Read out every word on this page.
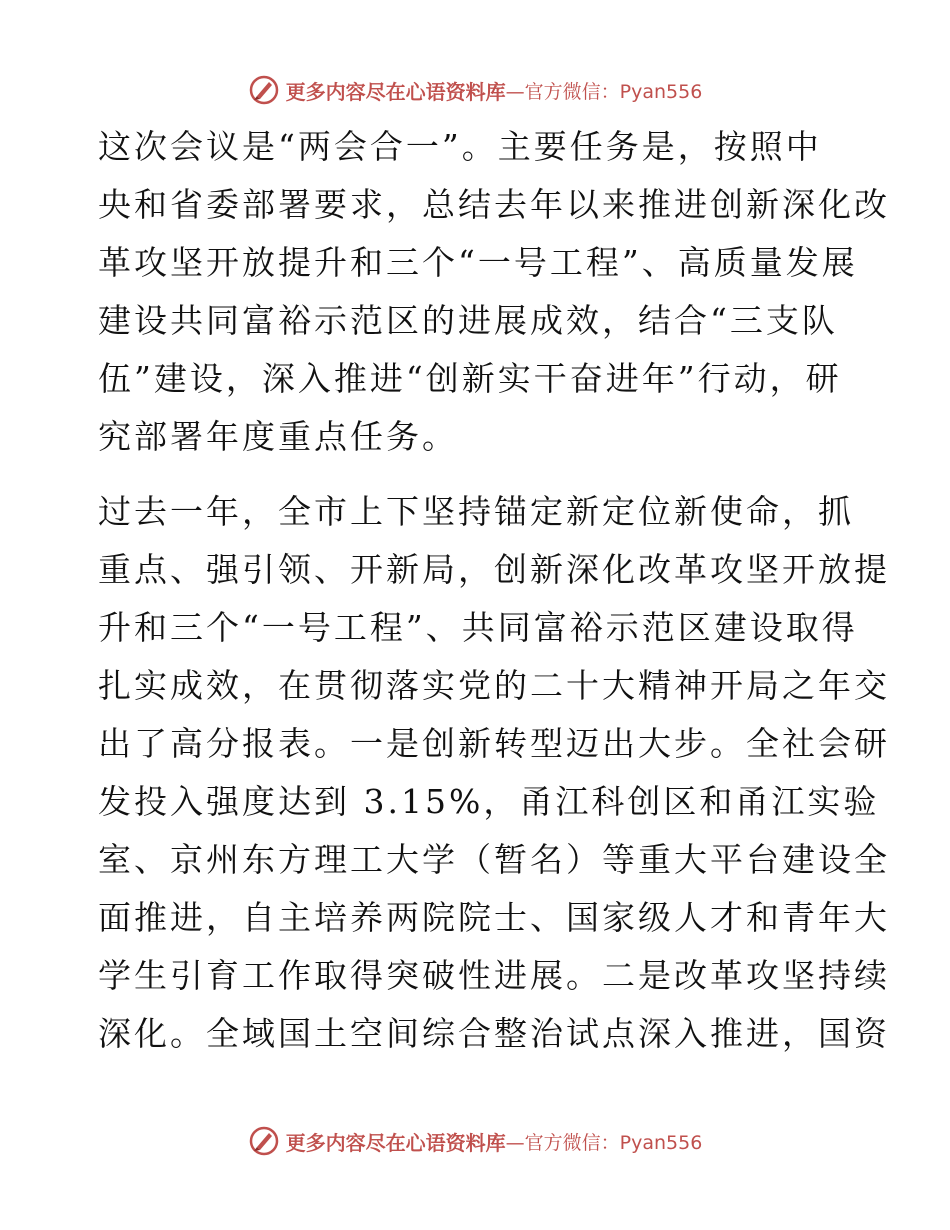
更多内容尽在心语资料库 —官方微信：Pyan556
这次会议是“两会合一”。主要任务是，按照中
央和省委部署要求，总结去年以来推进创新深化改
革攻坚开放提升和三个“一号工程”、高质量发展
建设共同富裕示范区的进展成效，结合“三支队
伍”建设，深入推进“创新实干奋进年”行动，研
究部署年度重点任务。
过去一年，全市上下坚持锚定新定位新使命，抓
重点、强引领、开新局，创新深化改革攻坚开放提
升和三个“一号工程”、共同富裕示范区建设取得
扎实成效，在贯彻落实党的二十大精神开局之年交
出了高分报表。一是创新转型迈出大步。全社会研
发投入强度达到 3.15%，甬江科创区和甬江实验
室、京州东方理工大学（暂名）等重大平台建设全
面推进，自主培养两院院士、国家级人才和青年大
学生引育工作取得突破性进展。二是改革攻坚持续
深化。全域国土空间综合整治试点深入推进，国资
更多内容尽在心语资料库 —官方微信：Pyan556
